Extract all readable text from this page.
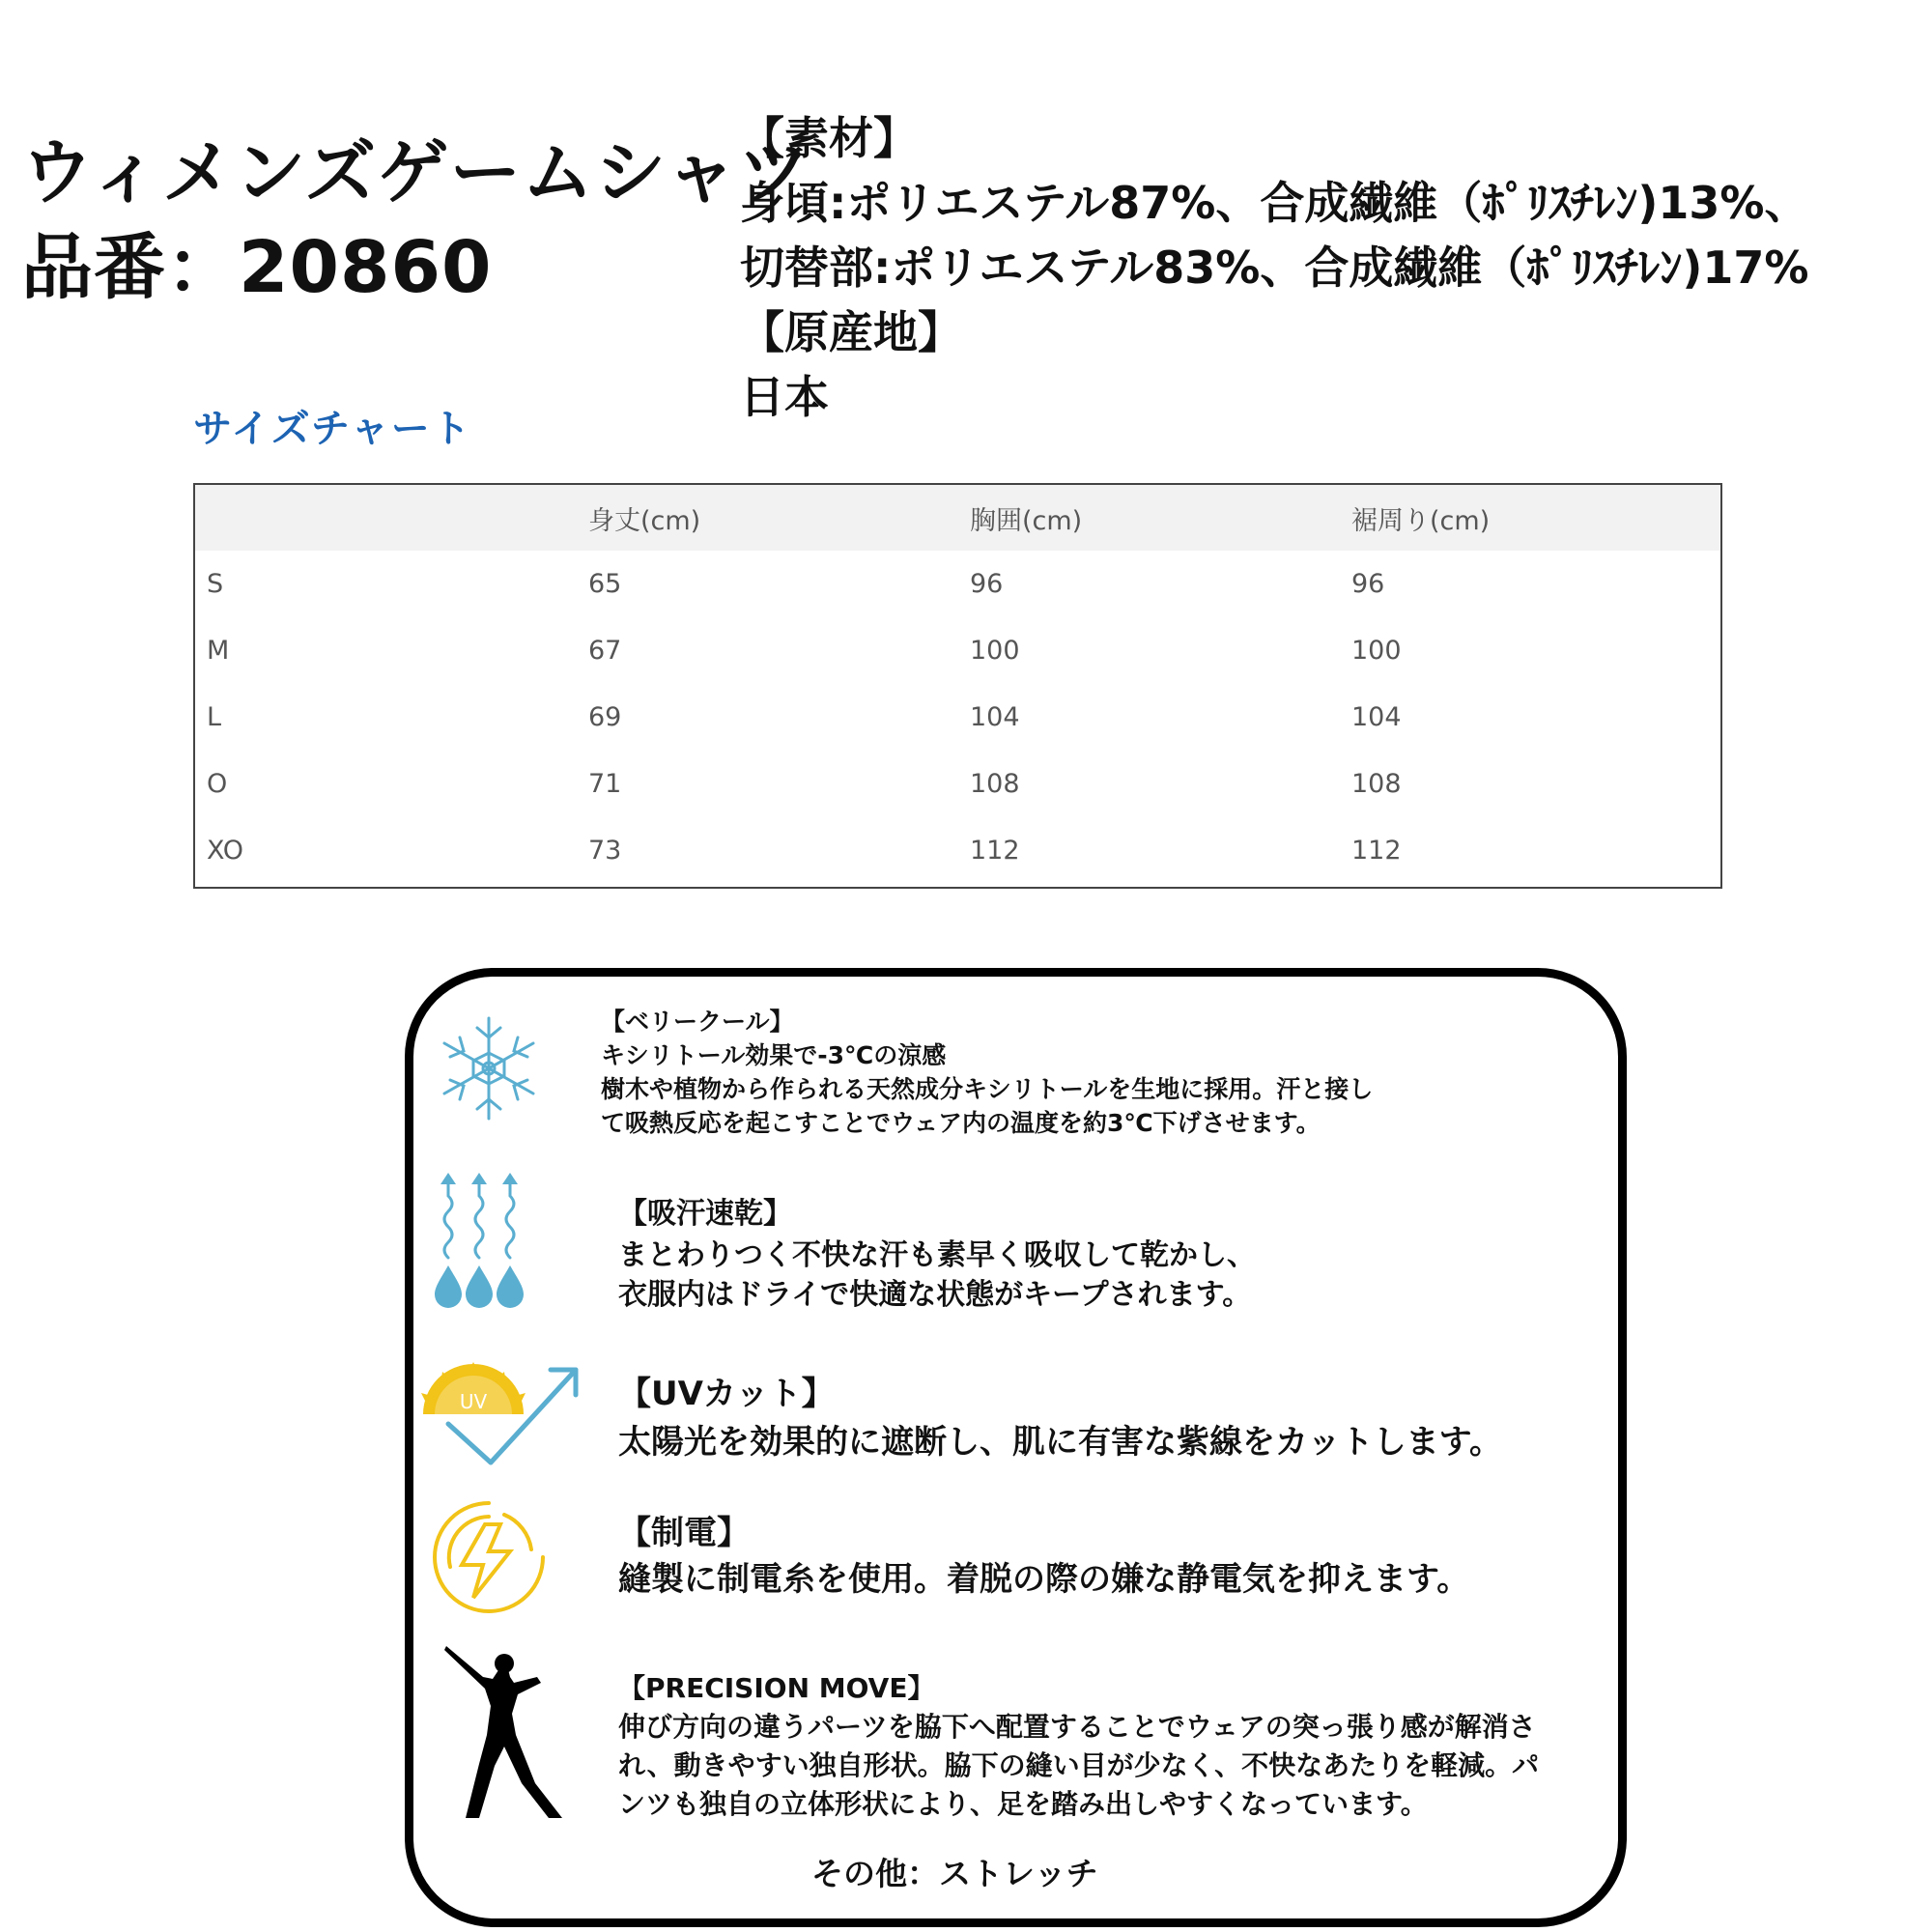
ウィメンズゲームシャツ
品番：20860
【素材】
身頃:ポリエステル87%、合成繊維（ﾎﾟﾘｽﾁﾚﾝ)13%、
切替部:ポリエステル83%、合成繊維（ﾎﾟﾘｽﾁﾚﾝ)17%
【原産地】
日本
サイズチャート
	身丈(cm)	胸囲(cm)	裾周り(cm)
S	65	96	96
M	67	100	100
L	69	104	104
O	71	108	108
XO	73	112	112
UV
【ベリークール】
キシリトール効果で-3℃の涼感
樹木や植物から作られる天然成分キシリトールを生地に採用。汗と接し
て吸熱反応を起こすことでウェア内の温度を約3℃下げさせます。
【吸汗速乾】
まとわりつく不快な汗も素早く吸収して乾かし、
衣服内はドライで快適な状態がキープされます。
【UVカット】
太陽光を効果的に遮断し、肌に有害な紫線をカットします。
【制電】
縫製に制電糸を使用。着脱の際の嫌な静電気を抑えます。
【PRECISION MOVE】
伸び方向の違うパーツを脇下へ配置することでウェアの突っ張り感が解消さ
れ、動きやすい独自形状。脇下の縫い目が少なく、不快なあたりを軽減。パ
ンツも独自の立体形状により、足を踏み出しやすくなっています。
その他：ストレッチ
